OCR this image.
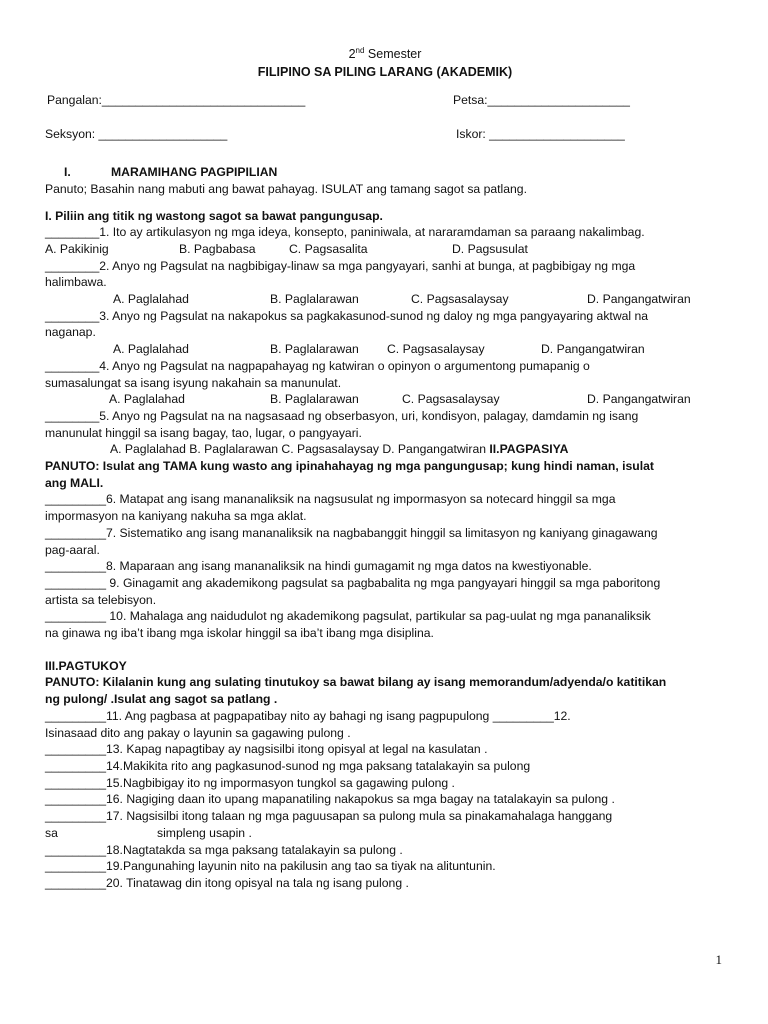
2nd Semester
FILIPINO SA PILING LARANG (AKADEMIK)
Pangalan:______________________________	Petsa:_____________________
Seksyon: ___________________	Iskor: ____________________
I.	MARAMIHANG PAGPIPILIAN
Panuto; Basahin nang mabuti ang bawat pahayag. ISULAT ang tamang sagot sa patlang.
I. Piliin ang titik ng wastong sagot sa bawat pangungusap.
________1. Ito ay artikulasyon ng mga ideya, konsepto, paniniwala, at nararamdaman sa paraang nakalimbag.
A. Pakikinig	B. Pagbabasa	C. Pagsasalita	D. Pagsusulat
________2. Anyo ng Pagsulat na nagbibigay-linaw sa mga pangyayari, sanhi at bunga, at pagbibigay ng mga
halimbawa.
A. Paglalahad	B. Paglalarawan	C. Pagsasalaysay	D. Pangangatwiran
________3. Anyo ng Pagsulat na nakapokus sa pagkakasunod-sunod ng daloy ng mga pangyayaring aktwal na
naganap.
A. Paglalahad	B. Paglalarawan C. Pagsasalaysay	D. Pangangatwiran
________4. Anyo ng Pagsulat na nagpapahayag ng katwiran o opinyon o argumentong pumapanig o
sumasalungat sa isang isyung nakahain sa manunulat.
A. Paglalahad	B. Paglalarawan	C. Pagsasalaysay	D. Pangangatwiran
________5. Anyo ng Pagsulat na na nagsasaad ng obserbasyon, uri, kondisyon, palagay, damdamin ng isang
manunulat hinggil sa isang bagay, tao, lugar, o pangyayari.
A. Paglalahad B. Paglalarawan C. Pagsasalaysay D. Pangangatwiran II.PAGPASIYA
PANUTO: Isulat ang TAMA kung wasto ang ipinahahayag ng mga pangungusap; kung hindi naman, isulat
ang MALI.
_________6. Matapat ang isang mananaliksik na nagsusulat ng impormasyon sa notecard hinggil sa mga
impormasyon na kaniyang nakuha sa mga aklat.
_________7. Sistematiko ang isang mananaliksik na nagbabanggit hinggil sa limitasyon ng kaniyang ginagawang
pag-aaral.
_________8. Maparaan ang isang mananaliksik na hindi gumagamit ng mga datos na kwestiyonable.
_________ 9. Ginagamit ang akademikong pagsulat sa pagbabalita ng mga pangyayari hinggil sa mga paboritong
artista sa telebisyon.
_________ 10. Mahalaga ang naidudulot ng akademikong pagsulat, partikular sa pag-uulat ng mga pananaliksik
na ginawa ng iba’t ibang mga iskolar hinggil sa iba’t ibang mga disiplina.
III.PAGTUKOY
PANUTO: Kilalanin kung ang sulating tinutukoy sa bawat bilang ay isang memorandum/adyenda/o katitikan
ng pulong/ .Isulat ang sagot sa patlang .
_________11. Ang pagbasa at pagpapatibay nito ay bahagi ng isang pagpupulong _________12.
Isinasaad dito ang pakay o layunin sa gagawing pulong .
_________13. Kapag napagtibay ay nagsisilbi itong opisyal at legal na kasulatan .
_________14.Makikita rito ang pagkasunod-sunod ng mga paksang tatalakayin sa pulong
_________15.Nagbibigay ito ng impormasyon tungkol sa gagawing pulong .
_________16. Nagiging daan ito upang mapanatiling nakapokus sa mga bagay na tatalakayin sa pulong .
_________17. Nagsisilbi itong talaan ng mga paguusapan sa pulong mula sa pinakamahalaga hanggang
sa	simpleng usapin .
_________18.Nagtatakda sa mga paksang tatalakayin sa pulong .
_________19.Pangunahing layunin nito na pakilusin ang tao sa tiyak na alituntunin.
_________20. Tinatawag din itong opisyal na tala ng isang pulong .
1
